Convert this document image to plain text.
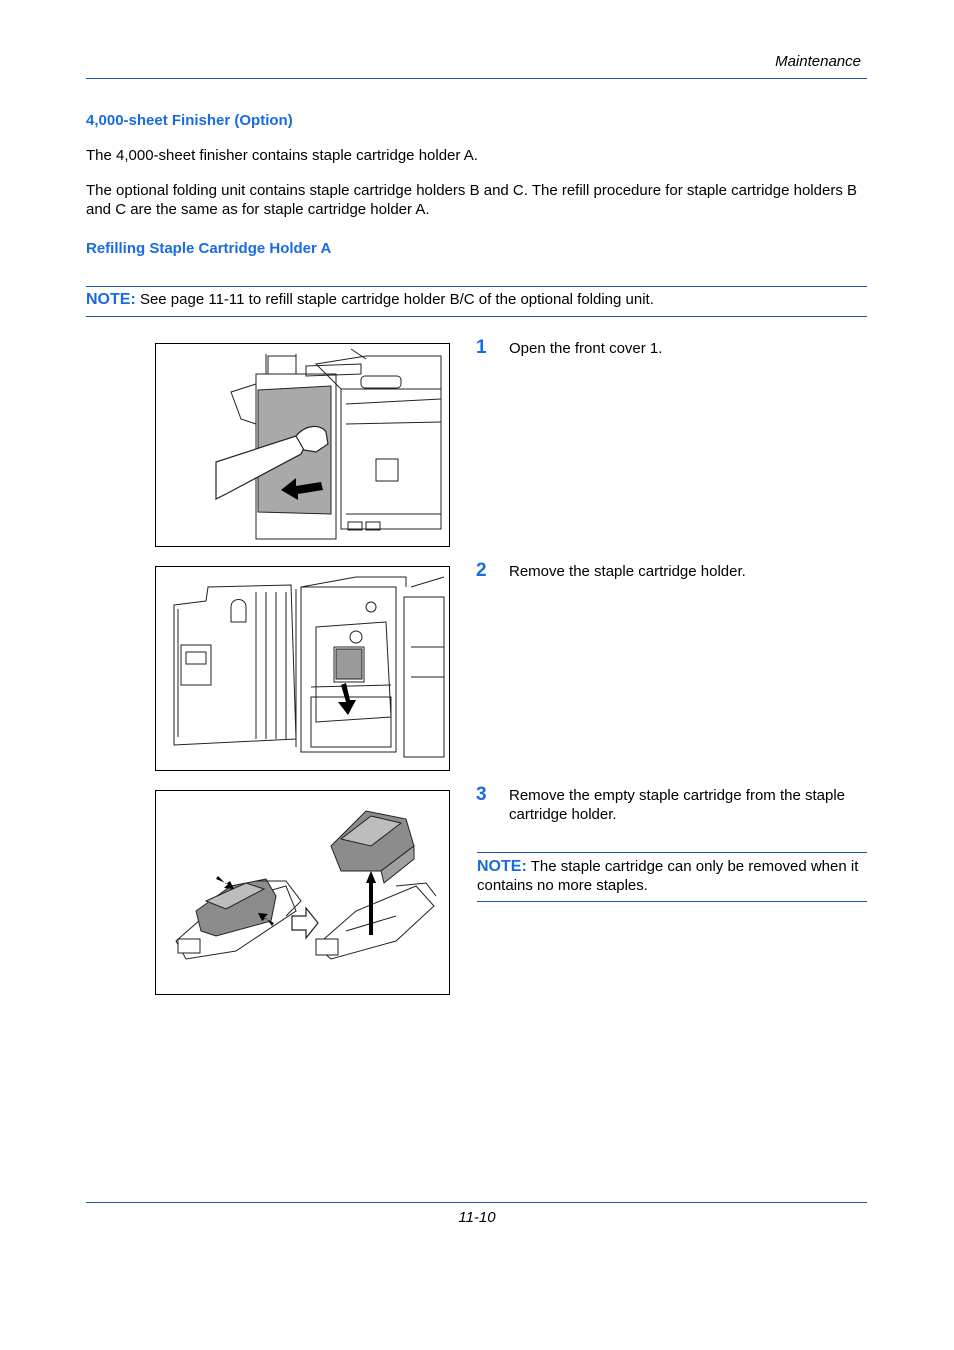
Maintenance
4,000-sheet Finisher (Option)
The 4,000-sheet finisher contains staple cartridge holder A.
The optional folding unit contains staple cartridge holders B and C. The refill procedure for staple cartridge holders B and C are the same as for staple cartridge holder A.
Refilling Staple Cartridge Holder A
NOTE: See page 11-11 to refill staple cartridge holder B/C of the optional folding unit.
1 Open the front cover 1.
2 Remove the staple cartridge holder.
3 Remove the empty staple cartridge from the staple cartridge holder.
NOTE: The staple cartridge can only be removed when it contains no more staples.
11-10
